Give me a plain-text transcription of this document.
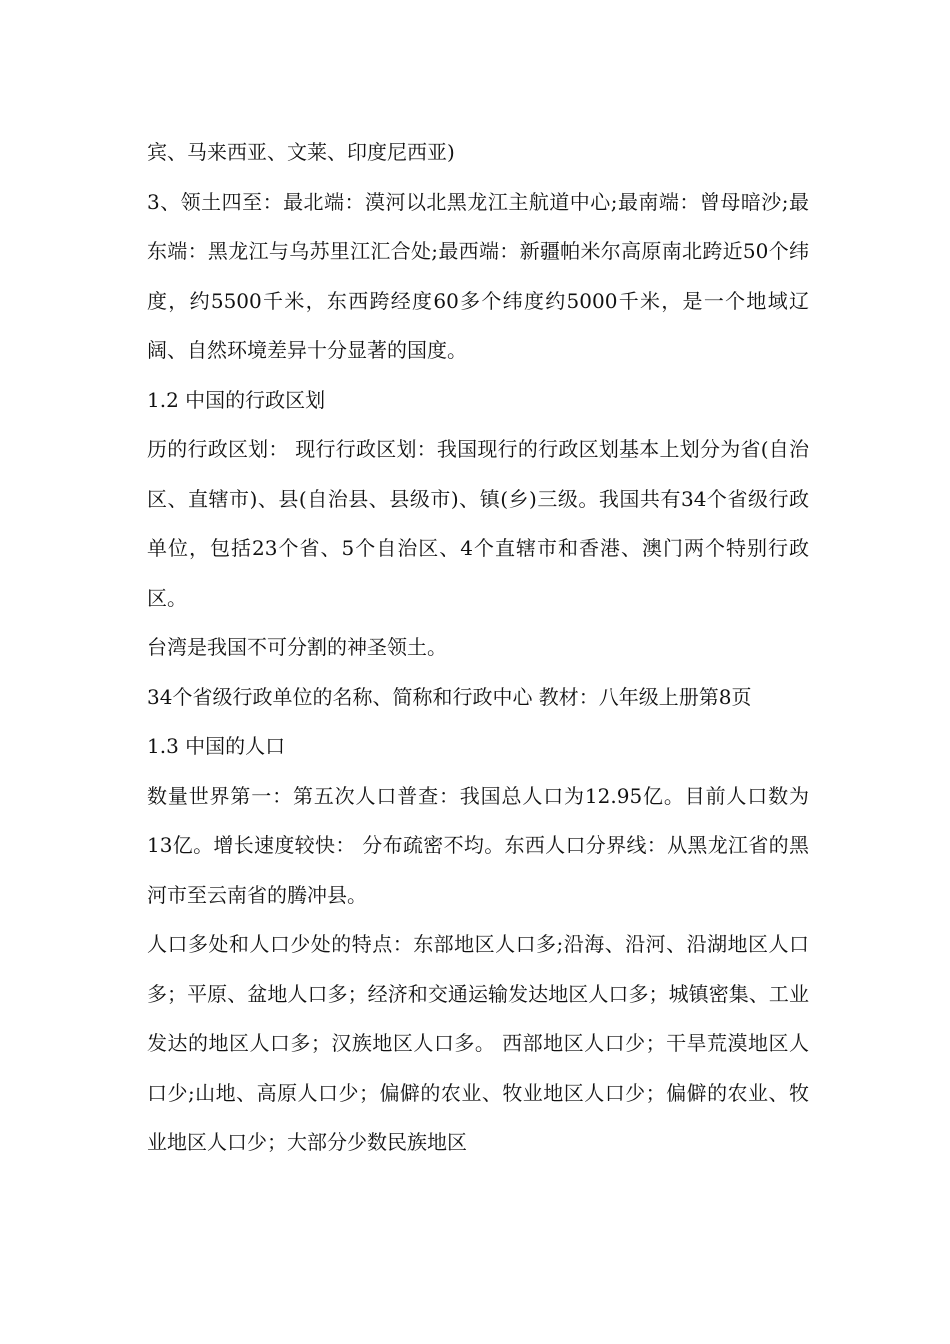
宾、马来西亚、文莱、印度尼西亚)

3、领土四至：最北端：漠河以北黑龙江主航道中心;最南端：曾母暗沙;最东端：黑龙江与乌苏里江汇合处;最西端：新疆帕米尔高原南北跨近50个纬度，约5500千米，东西跨经度60多个纬度约5000千米，是一个地域辽阔、自然环境差异十分显著的国度。

1.2 中国的行政区划

历的行政区划： 现行行政区划：我国现行的行政区划基本上划分为省(自治区、直辖市)、县(自治县、县级市)、镇(乡)三级。我国共有34个省级行政单位，包括23个省、5个自治区、4个直辖市和香港、澳门两个特别行政区。

台湾是我国不可分割的神圣领土。

34个省级行政单位的名称、简称和行政中心 教材：八年级上册第8页

1.3 中国的人口

数量世界第一：第五次人口普查：我国总人口为12.95亿。目前人口数为13亿。增长速度较快： 分布疏密不均。东西人口分界线：从黑龙江省的黑河市至云南省的腾冲县。

人口多处和人口少处的特点：东部地区人口多;沿海、沿河、沿湖地区人口多；平原、盆地人口多；经济和交通运输发达地区人口多；城镇密集、工业发达的地区人口多；汉族地区人口多。 西部地区人口少；干旱荒漠地区人口少;山地、高原人口少；偏僻的农业、牧业地区人口少；偏僻的农业、牧业地区人口少；大部分少数民族地区
